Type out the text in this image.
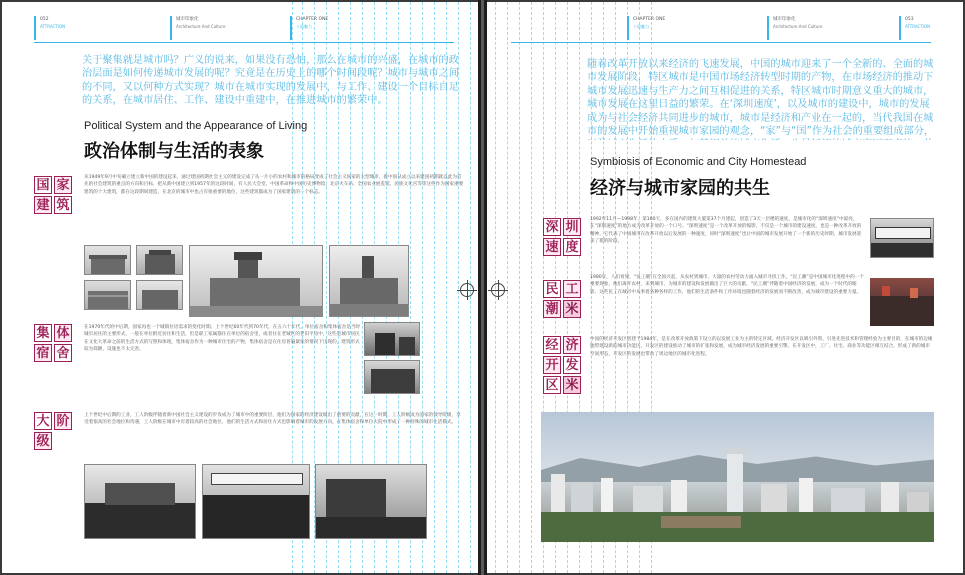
052
ATTRACTION
城市印象化
Architecture And Culture
CHAPTER ONE
十的魅力
关于聚集就是城市吗？广义的说来，如果没有恐怕，那么在城市的兴盛，在城市的政治层面是如何传递城市发展的呢？究竟是在历史上的哪个时间段呢？城市与城市之间的不同，又以何种方式实现？城市在城市实现的发展中，与工作、建设一个目标自足的关系，在城市居住、工作、建设中重建中，在推进城市的繁荣中。
Political System and the Appearance of Living
政治体制与生活的表象
国 家
建 筑
从1949年9月中旬确立建立新中国的建设起来，通过建国初期社会主义的建设完成了从一片小的农村和城市的格局变成了社会主义国家的大型城市，新中国从成立以来建国初期就以此为首先的社会建筑的重点的方向和目标，把从新中国建立到1957年的这段时间，有人民大会堂、中国革命和中国历史博物馆、北京火车站、全国农业展览馆、民族文化宫等等这些作为国家重要建筑的十大建筑，都在这段期间建造，在北京的城市中也占有很重要的地位，这些建筑都成为了国家建筑的一个标志。
集 体
宿 舍
在1970年代的中后期，国家再也一个城镇住房需求的变化时期。上个世纪60年代到70年代，在五六十年代，单位宿舍和集体宿舍是当时城市居住的主要形式，一般在单位附近居住和生活，但是职工家属都住在单位的宿舍里，或者住在老城区的老旧平房中，这些是城市居民在文化大革命之前的生活方式的写照和体现，集体宿舍作为一种城市住宅的产物，集体宿舍是在住房普遍紧张的情况下出现的，建筑形式较为简陋，设施也不太完善。
大 阶
级
上个世纪中后期的工业，工人阶级伴随着新中国社会主义建设的步伐成为了城市中的重要阶层，他们为国家的经济建设做出了重要的贡献，在这一时期，工人阶级成为国家的领导阶级，享受着很高的社会地位和待遇，工人阶级在城市中有着较高的社会地位，他们的生活方式和居住方式也影响着城市的发展方向，在集体宿舍和单位大院中形成了一种特殊的城市生活模式。
CHAPTER ONE
十的魅力
城市印象化
Architecture And Culture
053
ATTRACTION
随着改革开放以来经济的飞速发展，中国的城市迎来了一个全新的、全面的城市发展阶段，特区城市是中国市场经济转型时期的产物，在市场经济的推动下城市发展迅速与生产力之间互相促进的关系，特区城市时期意义重大的城市，城市发展在这里日益的繁荣。在‘深圳速度’，以及城市的建设中，城市的发展成为与社会经济共同进步的城市，城市是经济和产业在一起的，当代我国在城市的发展中开始重视城市家园的观念，“家”与“国”作为社会的重要组成部分，
Symbiosis of Economic and City Homestead
经济与城市家园的共生
深 圳
速 度
1992年11月—1998年，第160天，多在国内的建筑大厦第37个月建起，创造了3天一层楼的速度，是城市化的“深圳速度”中最亮，在“深圳速度”的地方成为改革开放的一个口号。“深圳速度”是一个改革开放的缩影，不仅是一个城市的建设速度，也是一种改革开放的精神，它代表了中国城市在改革开放以后发展的一种速度，同时“深圳速度”也让中国的城市发展开始了一个新的历史时期，城市发展迎来了新的阶段。
民 工
潮 米
1980年，人们看到，“民工潮”在全国兴起，从农村到城市，大量的农村劳动力涌入城市寻找工作，“民工潮”是中国城市化进程中的一个重要现象，他们离开农村，来到城市，为城市的建设和发展做出了巨大的贡献，“民工潮”伴随着中国经济的发展，成为一个时代的缩影，这些民工在城市中从事着各种各样的工作，他们的生活条件和工作环境也随着经济的发展而不断改善，成为城市建设的重要力量。
经 济
开 发
区 米
中国的经济开发区创建于1984年，是在改革开放政策下设立的以发展工业为主的特定区域，经济开发区以吸引外资、引进先进技术和管理经验为主要目的，在城市的边缘地带建设新的城市功能区，开发区的建设推动了城市的扩张和发展，成为城市经济发展的重要引擎，在开发区中，工厂、住宅、商业等功能区相互结合，形成了新的城市空间形态，开发区的发展也带动了周边地区的城市化进程。
